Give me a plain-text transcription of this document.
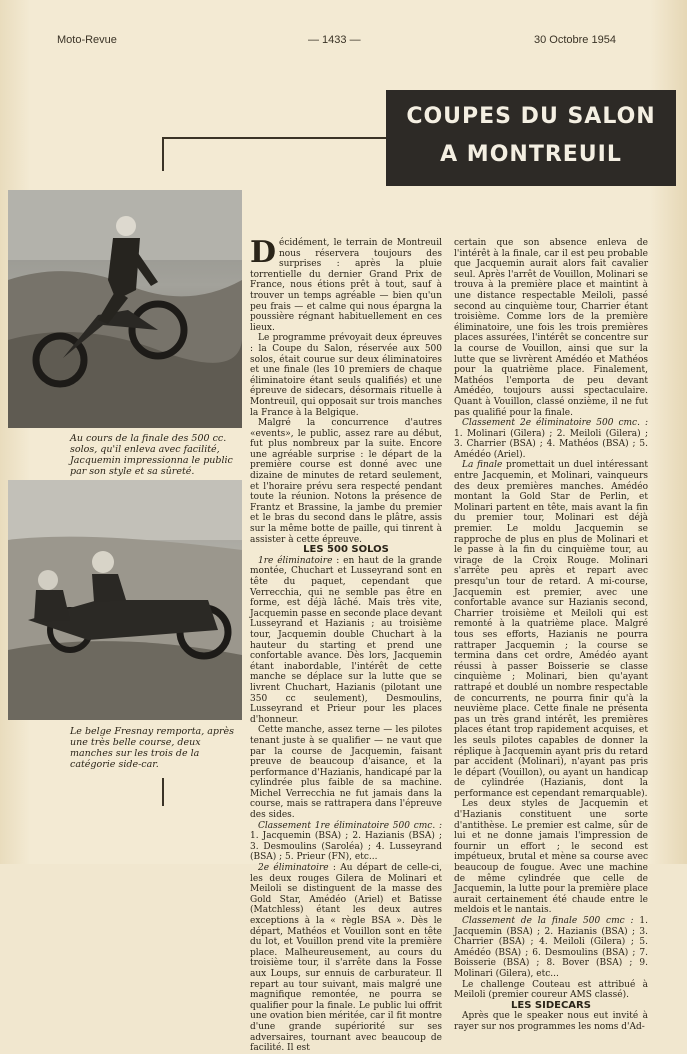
Moto-Revue	— 1433 —	30 Octobre 1954
COUPES DU SALON
A MONTREUIL
Au cours de la finale des 500 cc. solos, qu'il enleva avec facilité, Jacquemin impressionna le public par son style et sa sûreté.
Le belge Fresnay remporta, après une très belle course, deux manches sur les trois de la catégorie side-car.

Décidément, le terrain de Montreuil nous réservera toujours des surprises : après la pluie torrentielle du dernier Grand Prix de France, nous étions prêt à tout, sauf à trouver un temps agréable — bien qu'un peu frais — et calme qui nous épargna la poussière régnant habituellement en ces lieux.

Le programme prévoyait deux épreuves : la Coupe du Salon, réservée aux 500 solos, était courue sur deux éliminatoires et une finale (les 10 premiers de chaque éliminatoire étant seuls qualifiés) et une épreuve de sidecars, désormais rituelle à Montreuil, qui opposait sur trois manches la France à la Belgique.

Malgré la concurrence d'autres «events», le public, assez rare au début, fut plus nombreux par la suite. Encore une agréable surprise : le départ de la première course est donné avec une dizaine de minutes de retard seulement, et l'horaire prévu sera respecté pendant toute la réunion. Notons la présence de Frantz et Brassine, la jambe du premier et le bras du second dans le plâtre, assis sur la même botte de paille, qui tinrent à assister à cette épreuve.

LES 500 SOLOS

1re éliminatoire : en haut de la grande montée, Chuchart et Lusseyrand sont en tête du paquet, cependant que Verrecchia, qui ne semble pas être en forme, est déjà lâché. Mais très vite, Jacquemin passe en seconde place devant Lusseyrand et Hazianis ; au troisième tour, Jacquemin double Chuchart à la hauteur du starting et prend une confortable avance. Dès lors, Jacquemin étant inabordable, l'intérêt de cette manche se déplace sur la lutte que se livrent Chuchart, Hazianis (pilotant une 350 cc seulement), Desmoulins, Lusseyrand et Prieur pour les places d'honneur.

Cette manche, assez terne — les pilotes tenant juste à se qualifier — ne vaut que par la course de Jacquemin, faisant preuve de beaucoup d'aisance, et la performance d'Hazianis, handicapé par la cylindrée plus faible de sa machine. Michel Verrecchia ne fut jamais dans la course, mais se rattrapera dans l'épreuve des sides.

Classement 1re éliminatoire 500 cmc. : 1. Jacquemin (BSA) ; 2. Hazianis (BSA) ; 3. Desmoulins (Saroléa) ; 4. Lusseyrand (BSA) ; 5. Prieur (FN), etc...

2e éliminatoire : Au départ de celle-ci, les deux rouges Gilera de Molinari et Meiloli se distinguent de la masse des Gold Star, Amédéo (Ariel) et Batisse (Matchless) étant les deux autres exceptions à la « règle BSA ». Dès le départ, Mathéos et Vouillon sont en tête du lot, et Vouillon prend vite la première place. Malheureusement, au cours du troisième tour, il s'arrête dans la Fosse aux Loups, sur ennuis de carburateur. Il repart au tour suivant, mais malgré une magnifique remontée, ne pourra se qualifier pour la finale. Le public lui offrit une ovation bien méritée, car il fit montre d'une grande supériorité sur ses adversaires, tournant avec beaucoup de facilité. Il est

certain que son absence enleva de l'intérêt à la finale, car il est peu probable que Jacquemin aurait alors fait cavalier seul. Après l'arrêt de Vouillon, Molinari se trouva à la première place et maintint à une distance respectable Meiloli, passé second au cinquième tour, Charrier étant troisième. Comme lors de la première éliminatoire, une fois les trois premières places assurées, l'intérêt se concentre sur la course de Vouillon, ainsi que sur la lutte que se livrèrent Amédéo et Mathéos pour la quatrième place. Finalement, Mathéos l'emporta de peu devant Amédéo, toujours aussi spectaculaire. Quant à Vouillon, classé onzième, il ne fut pas qualifié pour la finale.

Classement 2e éliminatoire 500 cmc. : 1. Molinari (Gilera) ; 2. Meiloli (Gilera) ; 3. Charrier (BSA) ; 4. Mathéos (BSA) ; 5. Amédéo (Ariel).

La finale promettait un duel intéressant entre Jacquemin, et Molinari, vainqueurs des deux premières manches. Amédéo montant la Gold Star de Perlin, et Molinari partent en tête, mais avant la fin du premier tour, Molinari est déjà premier. Le moldu Jacquemin se rapproche de plus en plus de Molinari et le passe à la fin du cinquième tour, au virage de la Croix Rouge. Molinari s'arrête peu après et repart avec presqu'un tour de retard. A mi-course, Jacquemin est premier, avec une confortable avance sur Hazianis second, Charrier troisième et Meiloli qui est remonté à la quatrième place. Malgré tous ses efforts, Hazianis ne pourra rattraper Jacquemin ; la course se termina dans cet ordre, Amédéo ayant réussi à passer Boisserie se classe cinquième ; Molinari, bien qu'ayant rattrapé et doublé un nombre respectable de concurrents, ne pourra finir qu'à la neuvième place. Cette finale ne présenta pas un très grand intérêt, les premières places étant trop rapidement acquises, et les seuls pilotes capables de donner la réplique à Jacquemin ayant pris du retard par accident (Molinari), n'ayant pas pris le départ (Vouillon), ou ayant un handicap de cylindrée (Hazianis, dont la performance est cependant remarquable).

Les deux styles de Jacquemin et d'Hazianis constituent une sorte d'antithèse. Le premier est calme, sûr de lui et ne donne jamais l'impression de fournir un effort ; le second est impétueux, brutal et mène sa course avec beaucoup de fougue. Avec une machine de même cylindrée que celle de Jacquemin, la lutte pour la première place aurait certainement été chaude entre le meldois et le nantais.

Classement de la finale 500 cmc : 1. Jacquemin (BSA) ; 2. Hazianis (BSA) ; 3. Charrier (BSA) ; 4. Meiloli (Gilera) ; 5. Amédéo (BSA) ; 6. Desmoulins (BSA) ; 7. Boisserie (BSA) ; 8. Bover (BSA) ; 9. Molinari (Gilera), etc...

Le challenge Couteau est attribué à Meiloli (premier coureur AMS classé).

LES SIDECARS

Après que le speaker nous eut invité à rayer sur nos programmes les noms d'Ad-
